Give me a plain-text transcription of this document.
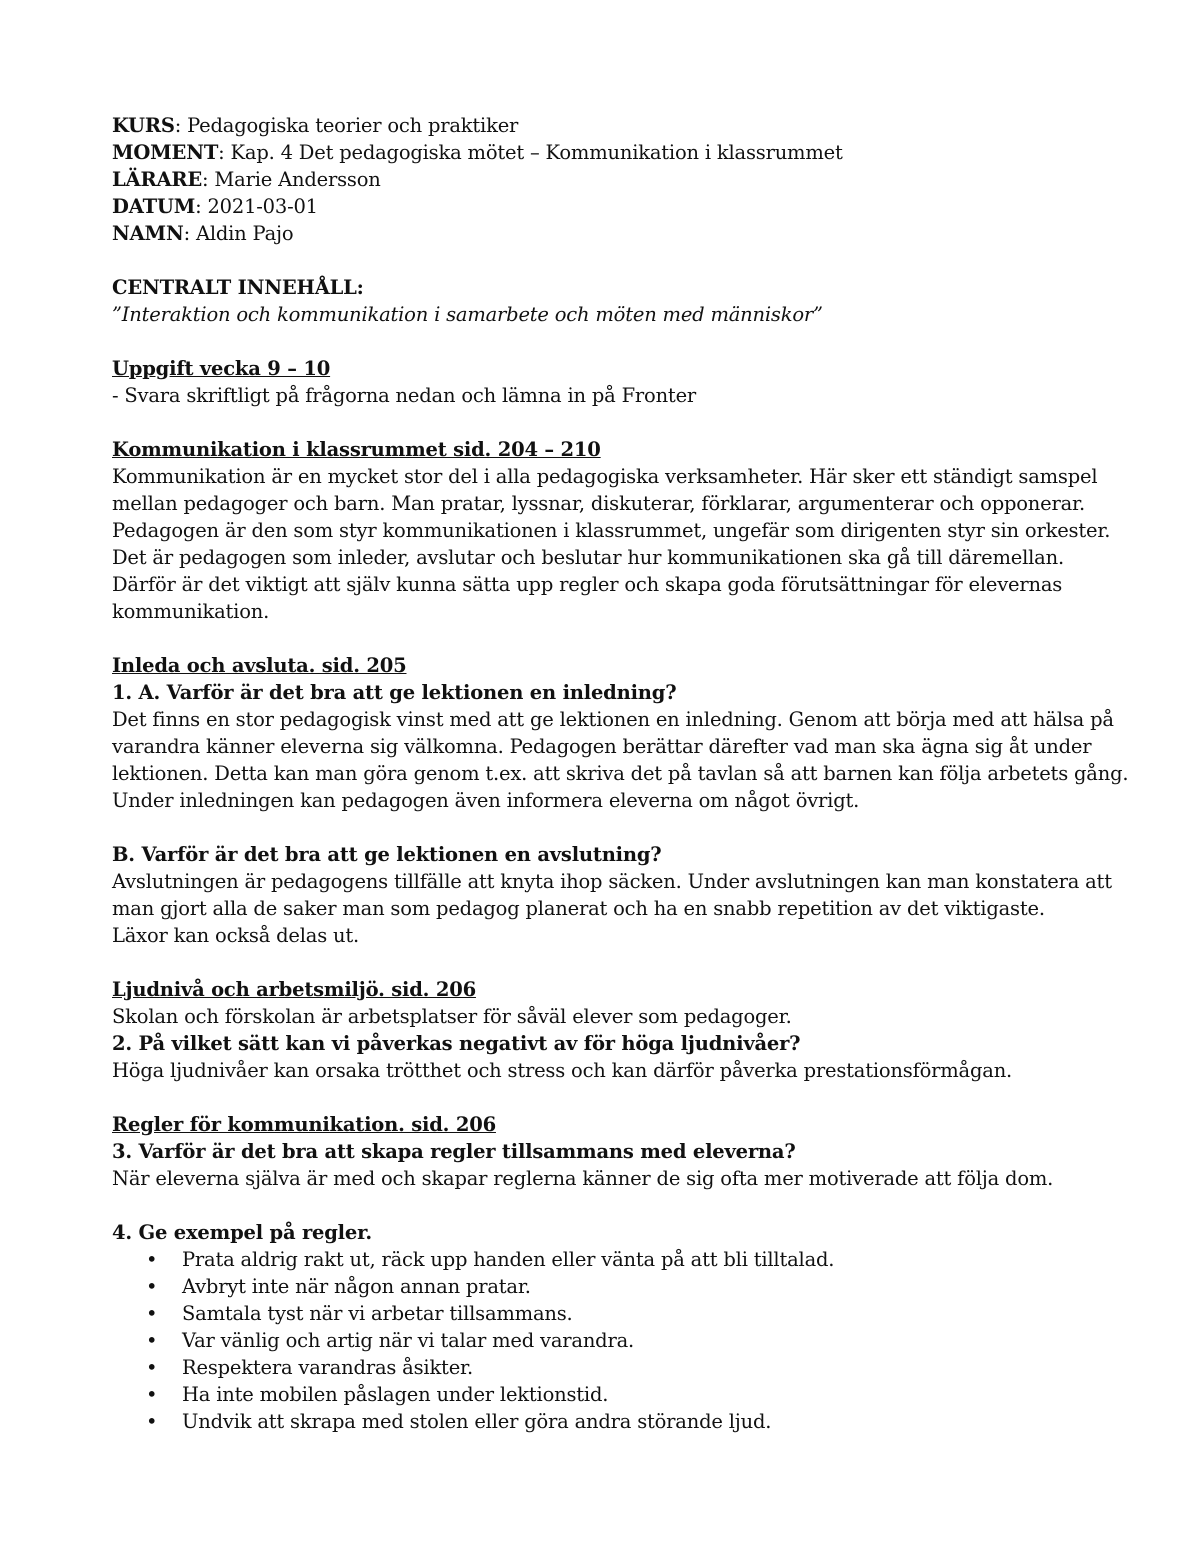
KURS: Pedagogiska teorier och praktiker
MOMENT: Kap. 4 Det pedagogiska mötet – Kommunikation i klassrummet
LÄRARE: Marie Andersson
DATUM: 2021-03-01
NAMN: Aldin Pajo
CENTRALT INNEHÅLL:
”Interaktion och kommunikation i samarbete och möten med människor”
Uppgift vecka 9 – 10
- Svara skriftligt på frågorna nedan och lämna in på Fronter
Kommunikation i klassrummet sid. 204 – 210
Kommunikation är en mycket stor del i alla pedagogiska verksamheter. Här sker ett ständigt samspel
mellan pedagoger och barn. Man pratar, lyssnar, diskuterar, förklarar, argumenterar och opponerar.
Pedagogen är den som styr kommunikationen i klassrummet, ungefär som dirigenten styr sin orkester.
Det är pedagogen som inleder, avslutar och beslutar hur kommunikationen ska gå till däremellan.
Därför är det viktigt att själv kunna sätta upp regler och skapa goda förutsättningar för elevernas
kommunikation.
Inleda och avsluta. sid. 205
1. A. Varför är det bra att ge lektionen en inledning?
Det finns en stor pedagogisk vinst med att ge lektionen en inledning. Genom att börja med att hälsa på
varandra känner eleverna sig välkomna. Pedagogen berättar därefter vad man ska ägna sig åt under
lektionen. Detta kan man göra genom t.ex. att skriva det på tavlan så att barnen kan följa arbetets gång.
Under inledningen kan pedagogen även informera eleverna om något övrigt.
B. Varför är det bra att ge lektionen en avslutning?
Avslutningen är pedagogens tillfälle att knyta ihop säcken. Under avslutningen kan man konstatera att
man gjort alla de saker man som pedagog planerat och ha en snabb repetition av det viktigaste.
Läxor kan också delas ut.
Ljudnivå och arbetsmiljö. sid. 206
Skolan och förskolan är arbetsplatser för såväl elever som pedagoger.
2. På vilket sätt kan vi påverkas negativt av för höga ljudnivåer?
Höga ljudnivåer kan orsaka trötthet och stress och kan därför påverka prestationsförmågan.
Regler för kommunikation. sid. 206
3. Varför är det bra att skapa regler tillsammans med eleverna?
När eleverna själva är med och skapar reglerna känner de sig ofta mer motiverade att följa dom.
4. Ge exempel på regler.
• Prata aldrig rakt ut, räck upp handen eller vänta på att bli tilltalad.
• Avbryt inte när någon annan pratar.
• Samtala tyst när vi arbetar tillsammans.
• Var vänlig och artig när vi talar med varandra.
• Respektera varandras åsikter.
• Ha inte mobilen påslagen under lektionstid.
• Undvik att skrapa med stolen eller göra andra störande ljud.
